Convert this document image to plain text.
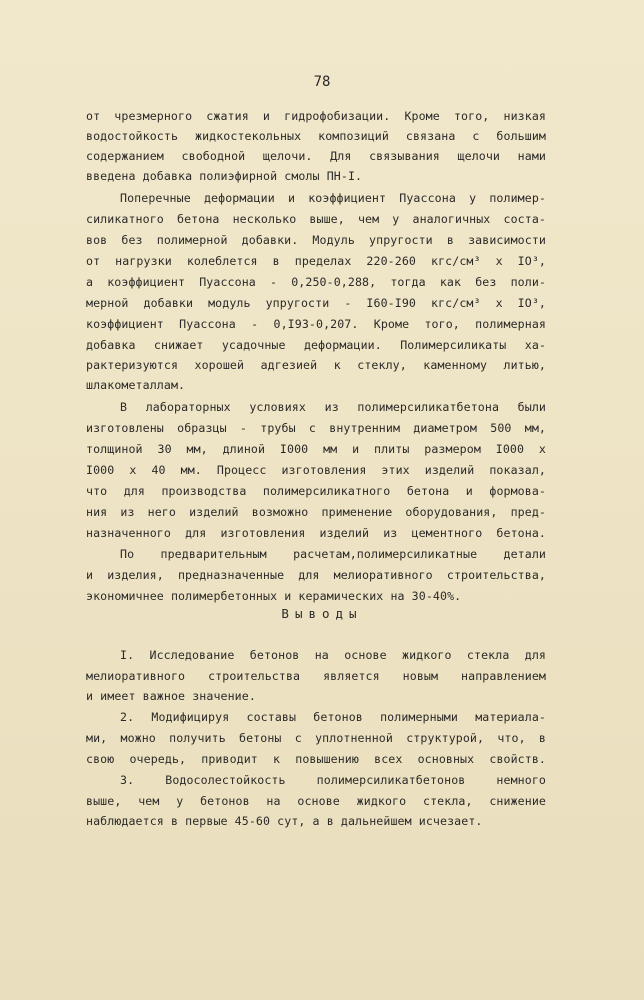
78
от чрезмерного сжатия и гидрофобизации. Кроме того, низкая
водостойкость жидкостекольных композиций связана с большим
содержанием свободной щелочи. Для связывания щелочи нами
введена добавка полиэфирной смолы ПН-I.
Поперечные деформации и коэффициент Пуассона у полимер-
силикатного бетона несколько выше, чем у аналогичных соста-
вов без полимерной добавки. Модуль упругости в зависимости
от нагрузки колеблется в пределах 220-260 кгс/см³ х IO³,
а коэффициент Пуассона - 0,250-0,288, тогда как без поли-
мерной добавки модуль упругости - I60-I90 кгс/см³ х IO³,
коэффициент Пуассона - 0,I93-0,207. Кроме того, полимерная
добавка снижает усадочные деформации. Полимерсиликаты ха-
рактеризуются хорошей адгезией к стеклу, каменному литью,
шлакометаллам.
В лабораторных условиях из полимерсиликатбетона были
изготовлены образцы - трубы с внутренним диаметром 500 мм,
толщиной 30 мм, длиной I000 мм и плиты размером I000 х
I000 х 40 мм. Процесс изготовления этих изделий показал,
что для производства полимерсиликатного бетона и формова-
ния из него изделий возможно применение оборудования, пред-
назначенного для изготовления изделий из цементного бетона.
По предварительным расчетам,полимерсиликатные детали
и изделия, предназначенные для мелиоративного строительства,
экономичнее полимербетонных и керамических на 30-40%.
Выводы
I. Исследование бетонов на основе жидкого стекла для
мелиоративного строительства является новым направлением
и имеет важное значение.
2. Модифицируя составы бетонов полимерными материала-
ми, можно получить бетоны с уплотненной структурой, что, в
свою очередь, приводит к повышению всех основных свойств.
3. Водосолестойкость полимерсиликатбетонов немного
выше, чем у бетонов на основе жидкого стекла, снижение
наблюдается в первые 45-60 сут, а в дальнейшем исчезает.
